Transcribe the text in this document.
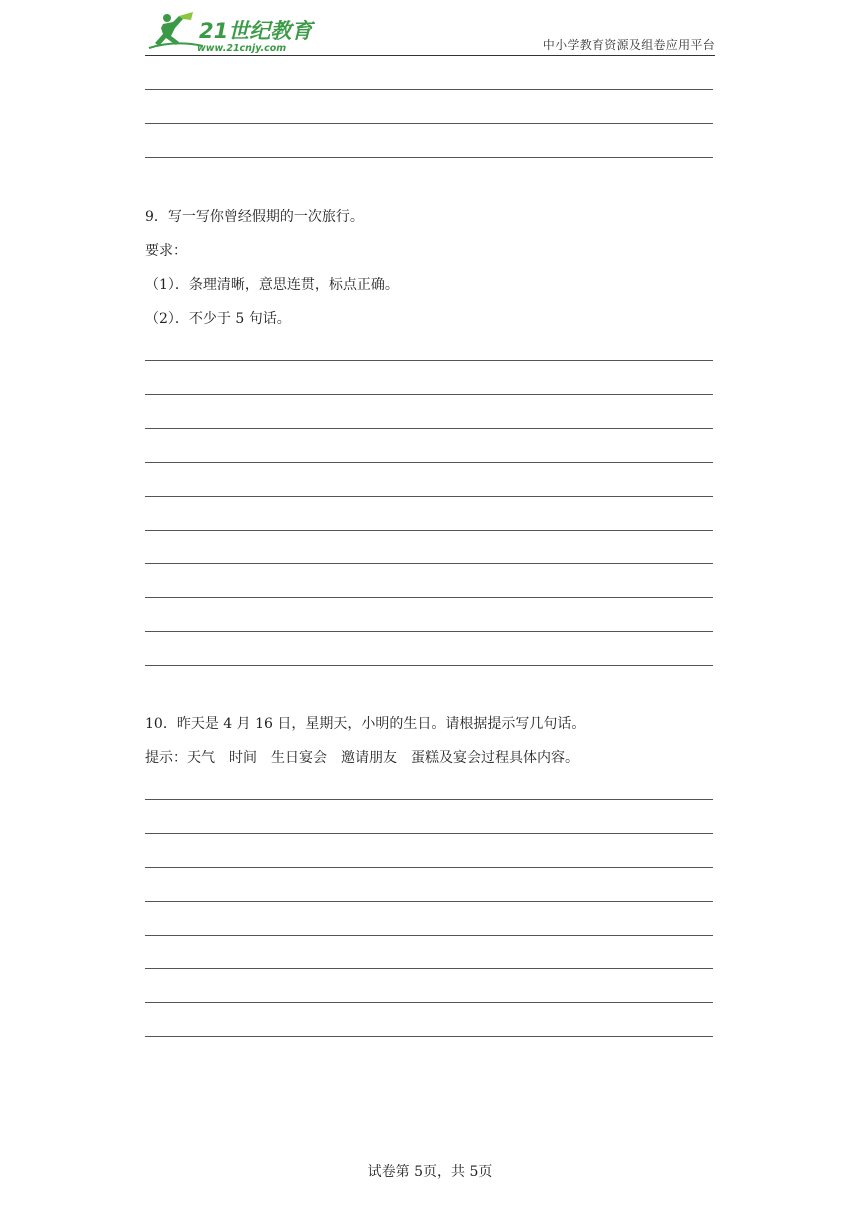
21世纪教育
www.21cnjy.com	中小学教育资源及组卷应用平台
9．写一写你曾经假期的一次旅行。
要求：
（1）．条理清晰，意思连贯，标点正确。
（2）．不少于 5 句话。
10．昨天是 4 月 16 日，星期天，小明的生日。请根据提示写几句话。
提示：天气 时间 生日宴会 邀请朋友 蛋糕及宴会过程具体内容。
试卷第 5页，共 5页
